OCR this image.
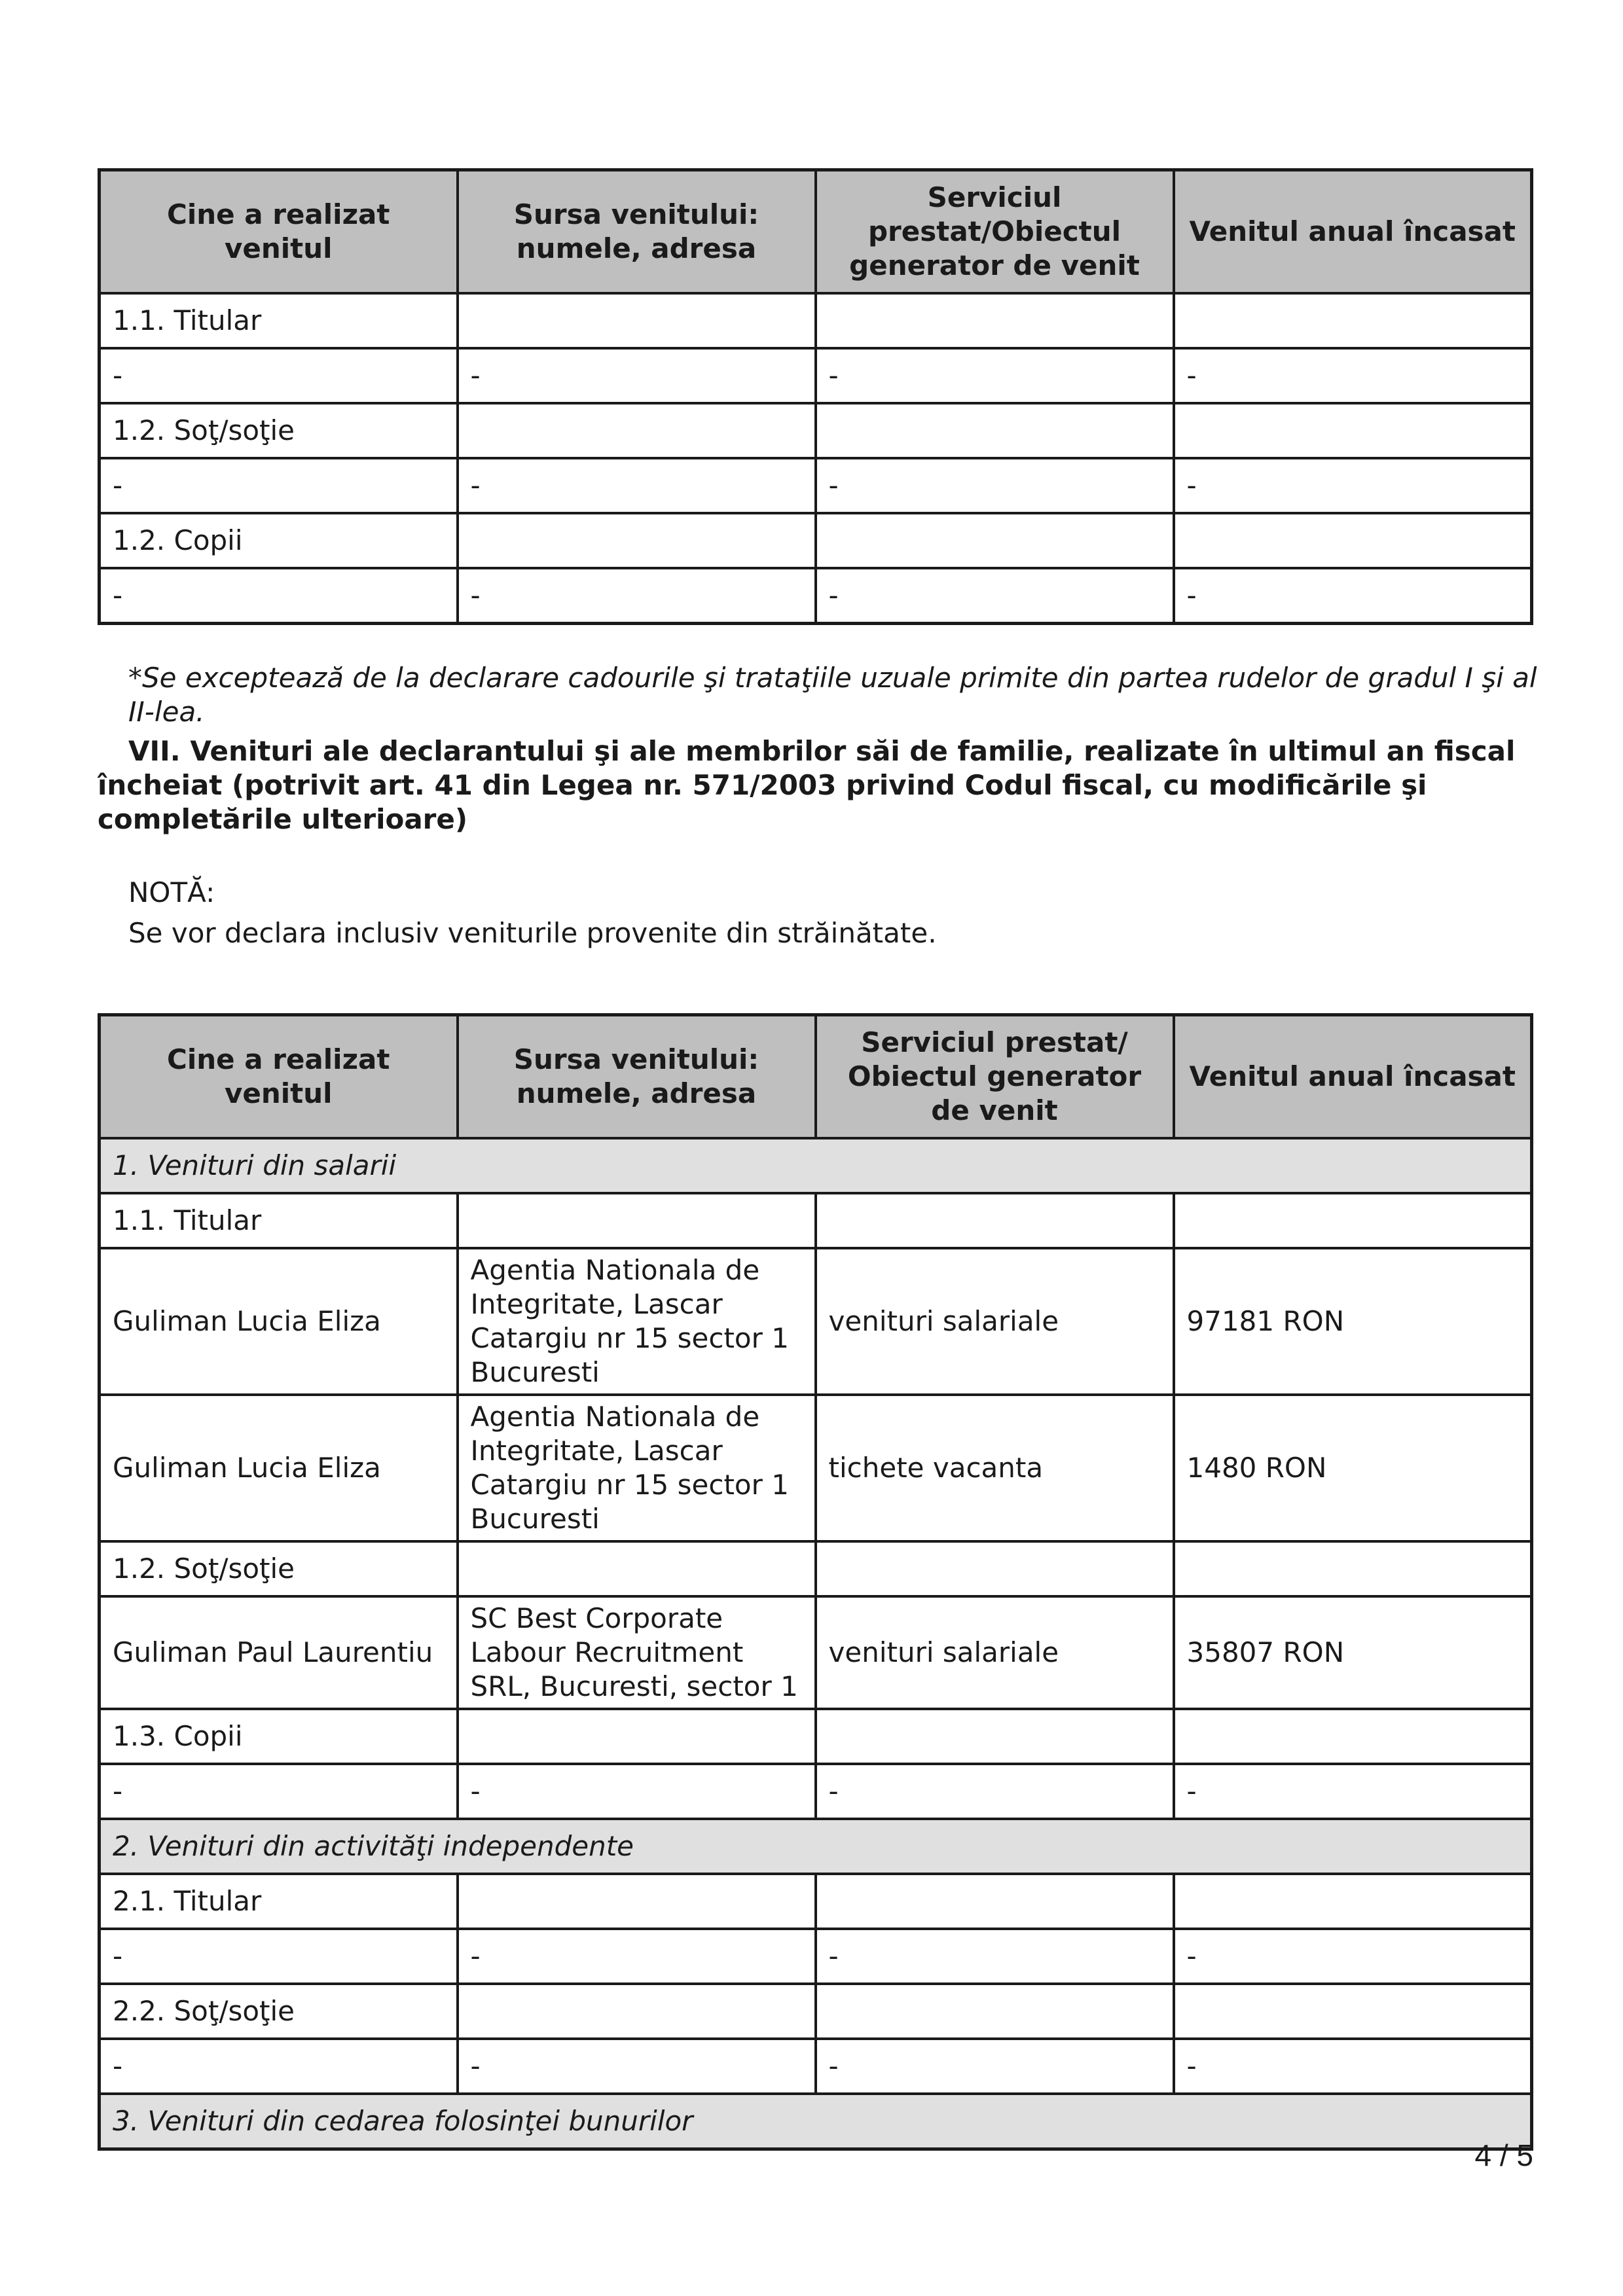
Cine a realizat venitul	Sursa venitului: numele, adresa	Serviciul prestat/Obiectul generator de venit	Venitul anual încasat
1.1. Titular			
-	-	-	-
1.2. Soţ/soţie			
-	-	-	-
1.2. Copii			
-	-	-	-

*Se exceptează de la declarare cadourile şi trataţiile uzuale primite din partea rudelor de gradul I şi al II-lea.

VII. Venituri ale declarantului şi ale membrilor săi de familie, realizate în ultimul an fiscal încheiat (potrivit art. 41 din Legea nr. 571/2003 privind Codul fiscal, cu modificările şi completările ulterioare)

NOTĂ:

Se vor declara inclusiv veniturile provenite din străinătate.

Cine a realizat venitul	Sursa venitului: numele, adresa	Serviciul prestat/ Obiectul generator de venit	Venitul anual încasat
1. Venituri din salarii			
1.1. Titular			
Guliman Lucia Eliza	Agentia Nationala de Integritate, Lascar Catargiu nr 15 sector 1 Bucuresti	venituri salariale	97181 RON
Guliman Lucia Eliza	Agentia Nationala de Integritate, Lascar Catargiu nr 15 sector 1 Bucuresti	tichete vacanta	1480 RON
1.2. Soţ/soţie			
Guliman Paul Laurentiu	SC Best Corporate Labour Recruitment SRL, Bucuresti, sector 1	venituri salariale	35807 RON
1.3. Copii			
-	-	-	-
2. Venituri din activităţi independente			
2.1. Titular			
-	-	-	-
2.2. Soţ/soţie			
-	-	-	-
3. Venituri din cedarea folosinţei bunurilor			
4 / 5
